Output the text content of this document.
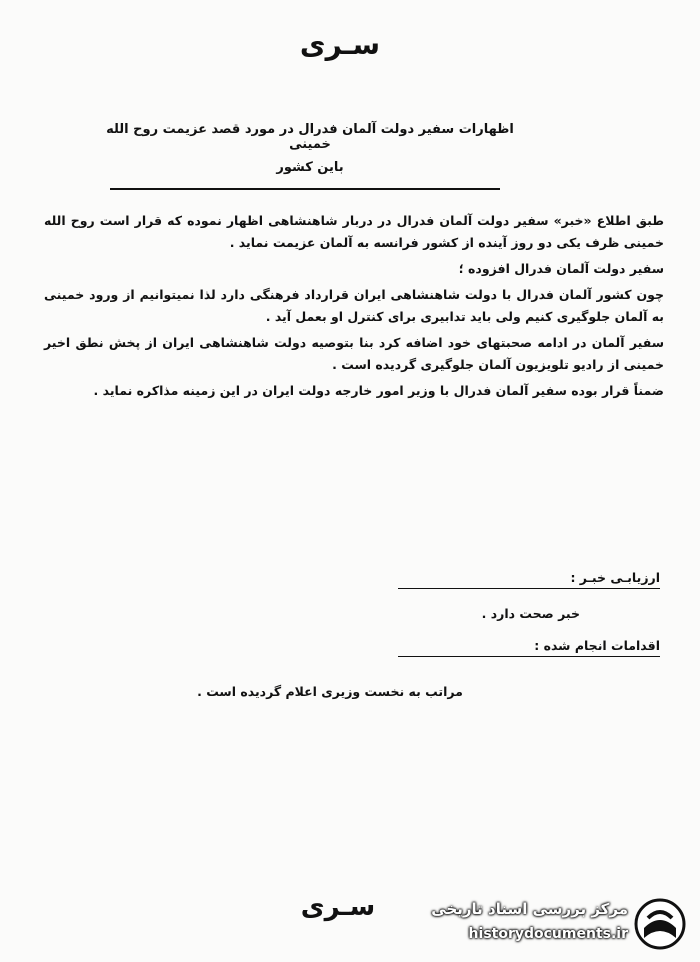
سـری
اظهارات سفیر دولت آلمان فدرال در مورد قصد عزیمت روح الله خمینی
باین کشور

طبق اطلاع «خبر» سفیر دولت آلمان فدرال در دربار شاهنشاهی اظهار نموده که قرار است روح الله خمینی ظرف یکی دو روز آینده از کشور فرانسه به آلمان عزیمت نماید .

سفیر دولت آلمان فدرال افزوده ؛

چون کشور آلمان فدرال با دولت شاهنشاهی ایران قرارداد فرهنگی دارد لذا نمیتوانیم از ورود خمینی به آلمان جلوگیری کنیم ولی باید تدابیری برای کنترل او بعمل آید .

سفیر آلمان در ادامه صحبتهای خود اضافه کرد بنا بتوصیه دولت شاهنشاهی ایران از پخش نطق اخیر خمینی از رادیو تلویزیون آلمان جلوگیری گردیده است .

ضمناً قرار بوده سفیر آلمان فدرال با وزیر امور خارجه دولت ایران در این زمینه مذاکره نماید .

ارزیابـی خبـر :
خبر صحت دارد .
اقدامات انجام شده :
مراتب به نخست وزیری اعلام گردیده است .
سـری	مرکز بررسی اسناد تاریخی
historydocuments.ir
